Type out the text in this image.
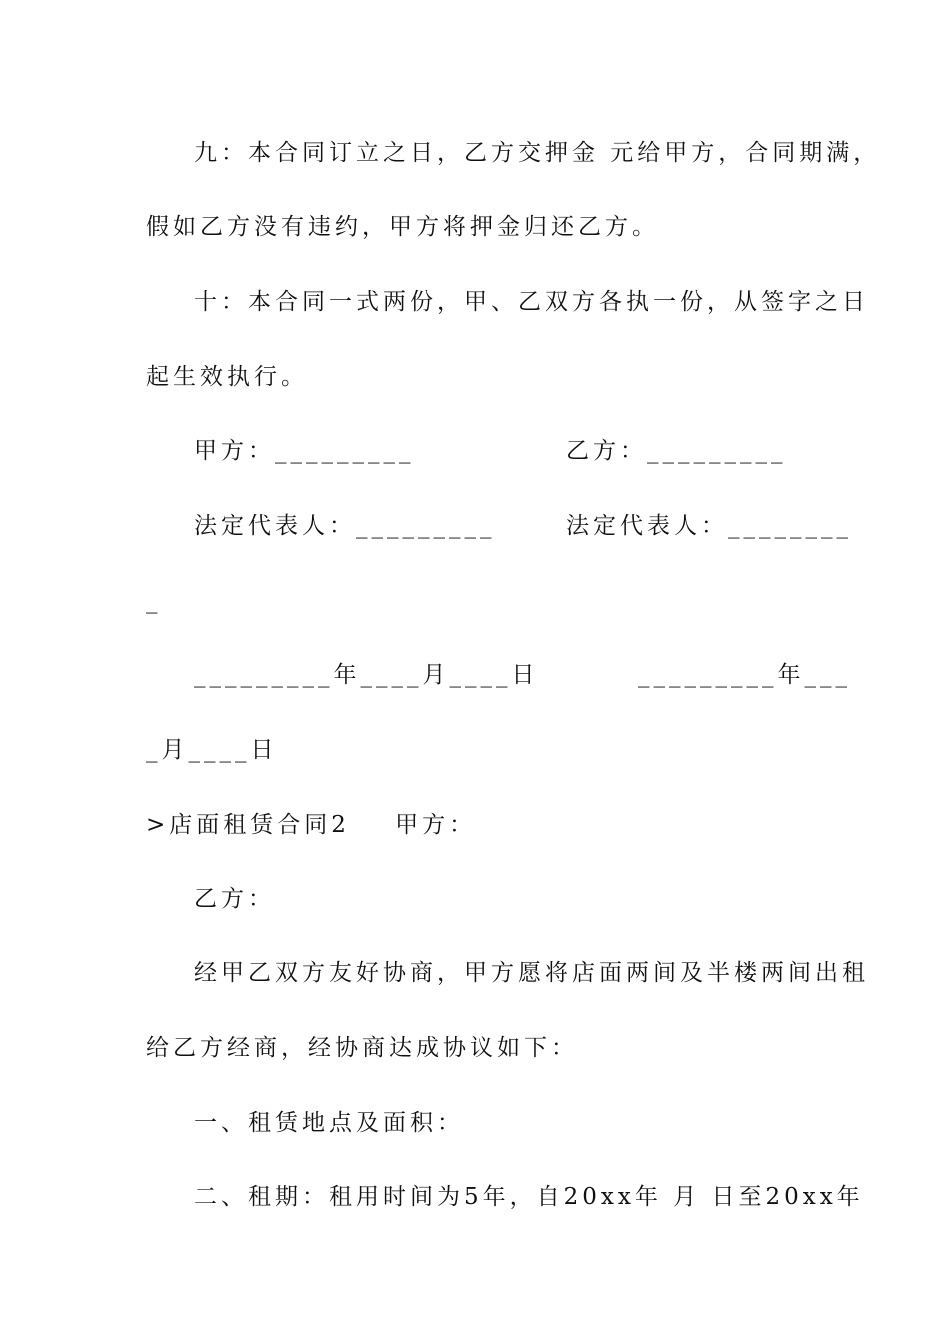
九：本合同订立之日，乙方交押金 元给甲方，合同期满，
假如乙方没有违约，甲方将押金归还乙方。
十：本合同一式两份，甲、乙双方各执一份，从签字之日
起生效执行。
甲方：_________	乙方：_________
法定代表人：_________	法定代表人：________
_
_________年____月____日	_________年___
_月____日
>店面租赁合同2    甲方：
乙方：
经甲乙双方友好协商，甲方愿将店面两间及半楼两间出租
给乙方经商，经协商达成协议如下：
一、租赁地点及面积：
二、租期：租用时间为5年，自20xx年 月 日至20xx年
